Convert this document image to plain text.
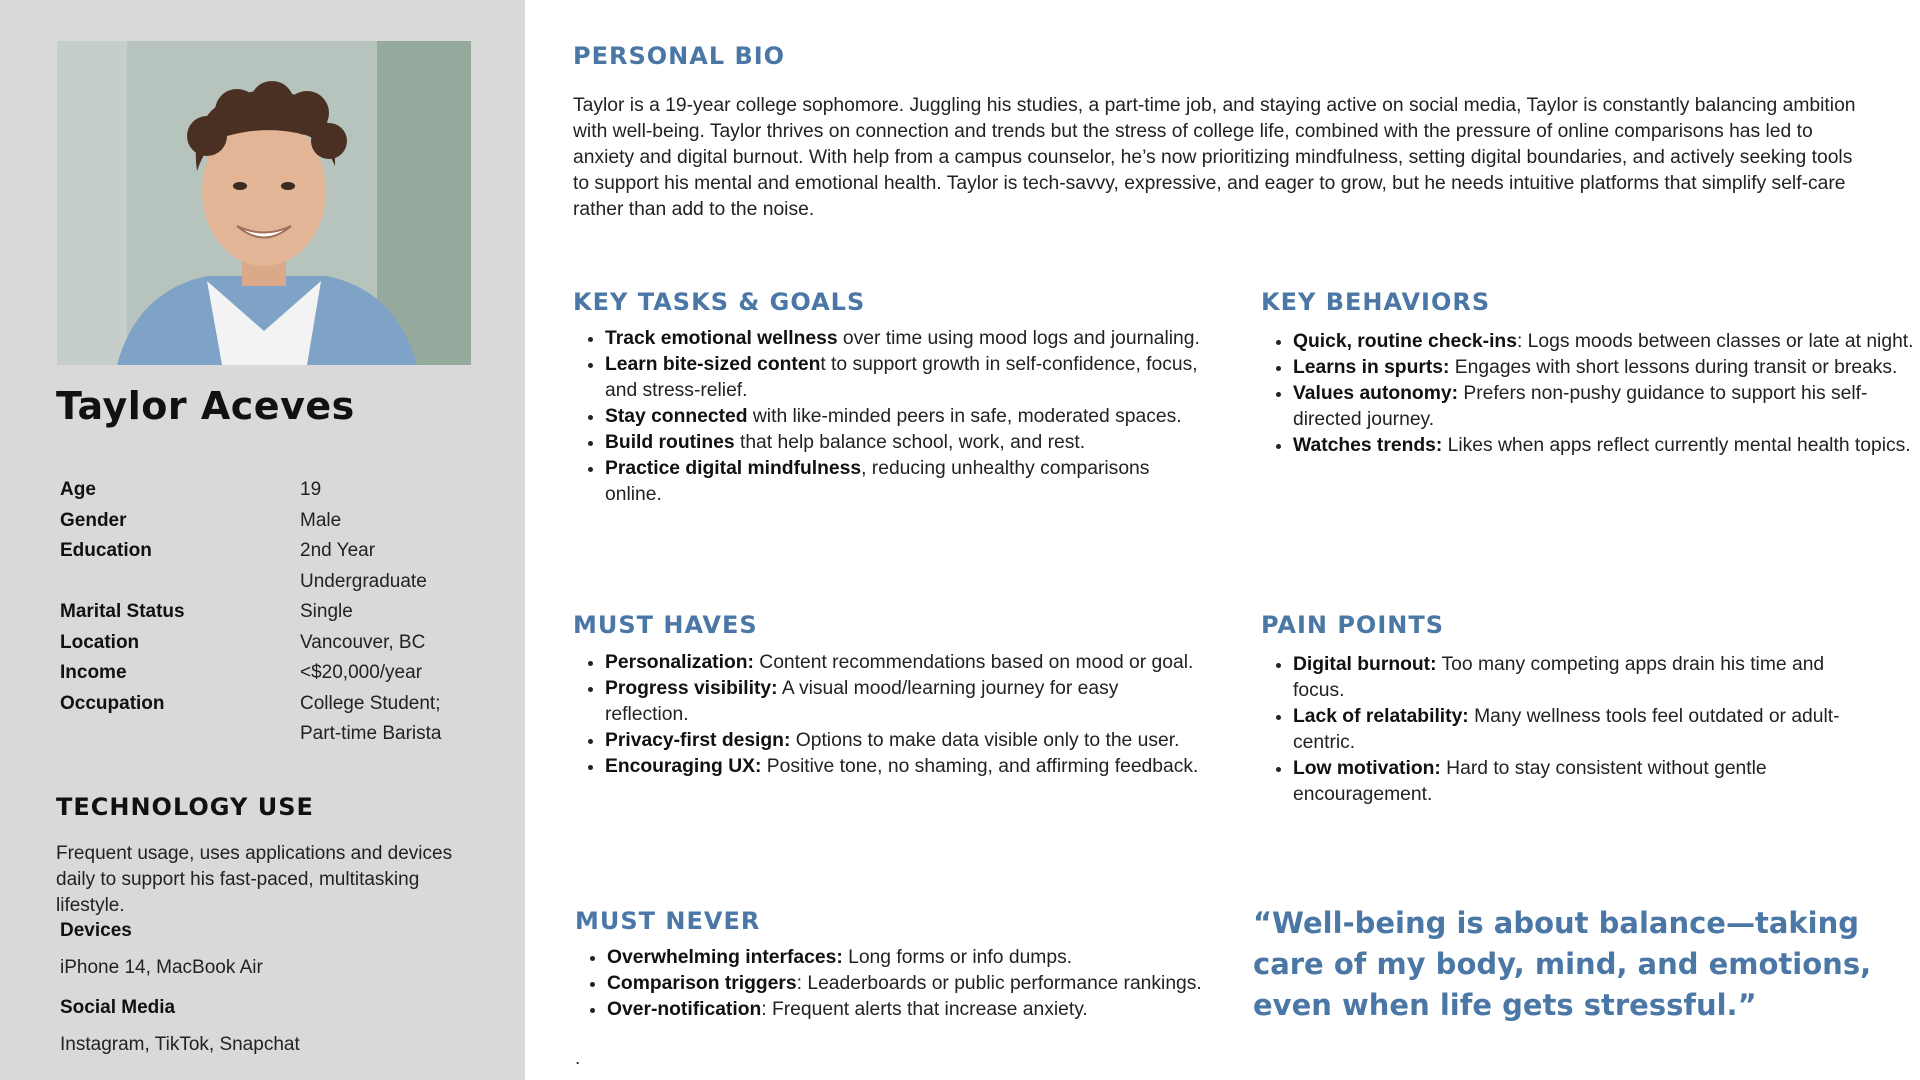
Taylor Aceves
Age	19
Gender	Male
Education	2nd Year
Undergraduate
Marital Status	Single
Location	Vancouver, BC
Income	<$20,000/year
Occupation	College Student;
Part-time Barista
TECHNOLOGY USE

Frequent usage, uses applications and devices daily to support his fast-paced, multitasking lifestyle.

Devices
iPhone 14, MacBook Air
Social Media
Instagram, TikTok, Snapchat
PERSONAL BIO

Taylor is a 19-year college sophomore. Juggling his studies, a part-time job, and staying active on social media, Taylor is constantly balancing ambition with well-being. Taylor thrives on connection and trends but the stress of college life, combined with the pressure of online comparisons has led to anxiety and digital burnout. With help from a campus counselor, he’s now prioritizing mindfulness, setting digital boundaries, and actively seeking tools to support his mental and emotional health. Taylor is tech-savvy, expressive, and eager to grow, but he needs intuitive platforms that simplify self-care rather than add to the noise.

KEY TASKS & GOALS
• Track emotional wellness over time using mood logs and journaling.
• Learn bite-sized content to support growth in self-confidence, focus, and stress-relief.
• Stay connected with like-minded peers in safe, moderated spaces.
• Build routines that help balance school, work, and rest.
• Practice digital mindfulness, reducing unhealthy comparisons online.
KEY BEHAVIORS
• Quick, routine check-ins: Logs moods between classes or late at night.
• Learns in spurts: Engages with short lessons during transit or breaks.
• Values autonomy: Prefers non-pushy guidance to support his self-directed journey.
• Watches trends: Likes when apps reflect currently mental health topics.
MUST HAVES
• Personalization: Content recommendations based on mood or goal.
• Progress visibility: A visual mood/learning journey for easy reflection.
• Privacy-first design: Options to make data visible only to the user.
• Encouraging UX: Positive tone, no shaming, and affirming feedback.
PAIN POINTS
• Digital burnout: Too many competing apps drain his time and focus.
• Lack of relatability: Many wellness tools feel outdated or adult-centric.
• Low motivation: Hard to stay consistent without gentle encouragement.
MUST NEVER
• Overwhelming interfaces: Long forms or info dumps.
• Comparison triggers: Leaderboards or public performance rankings.
• Over-notification: Frequent alerts that increase anxiety.
.

“Well-being is about balance—taking care of my body, mind, and emotions, even when life gets stressful.”
